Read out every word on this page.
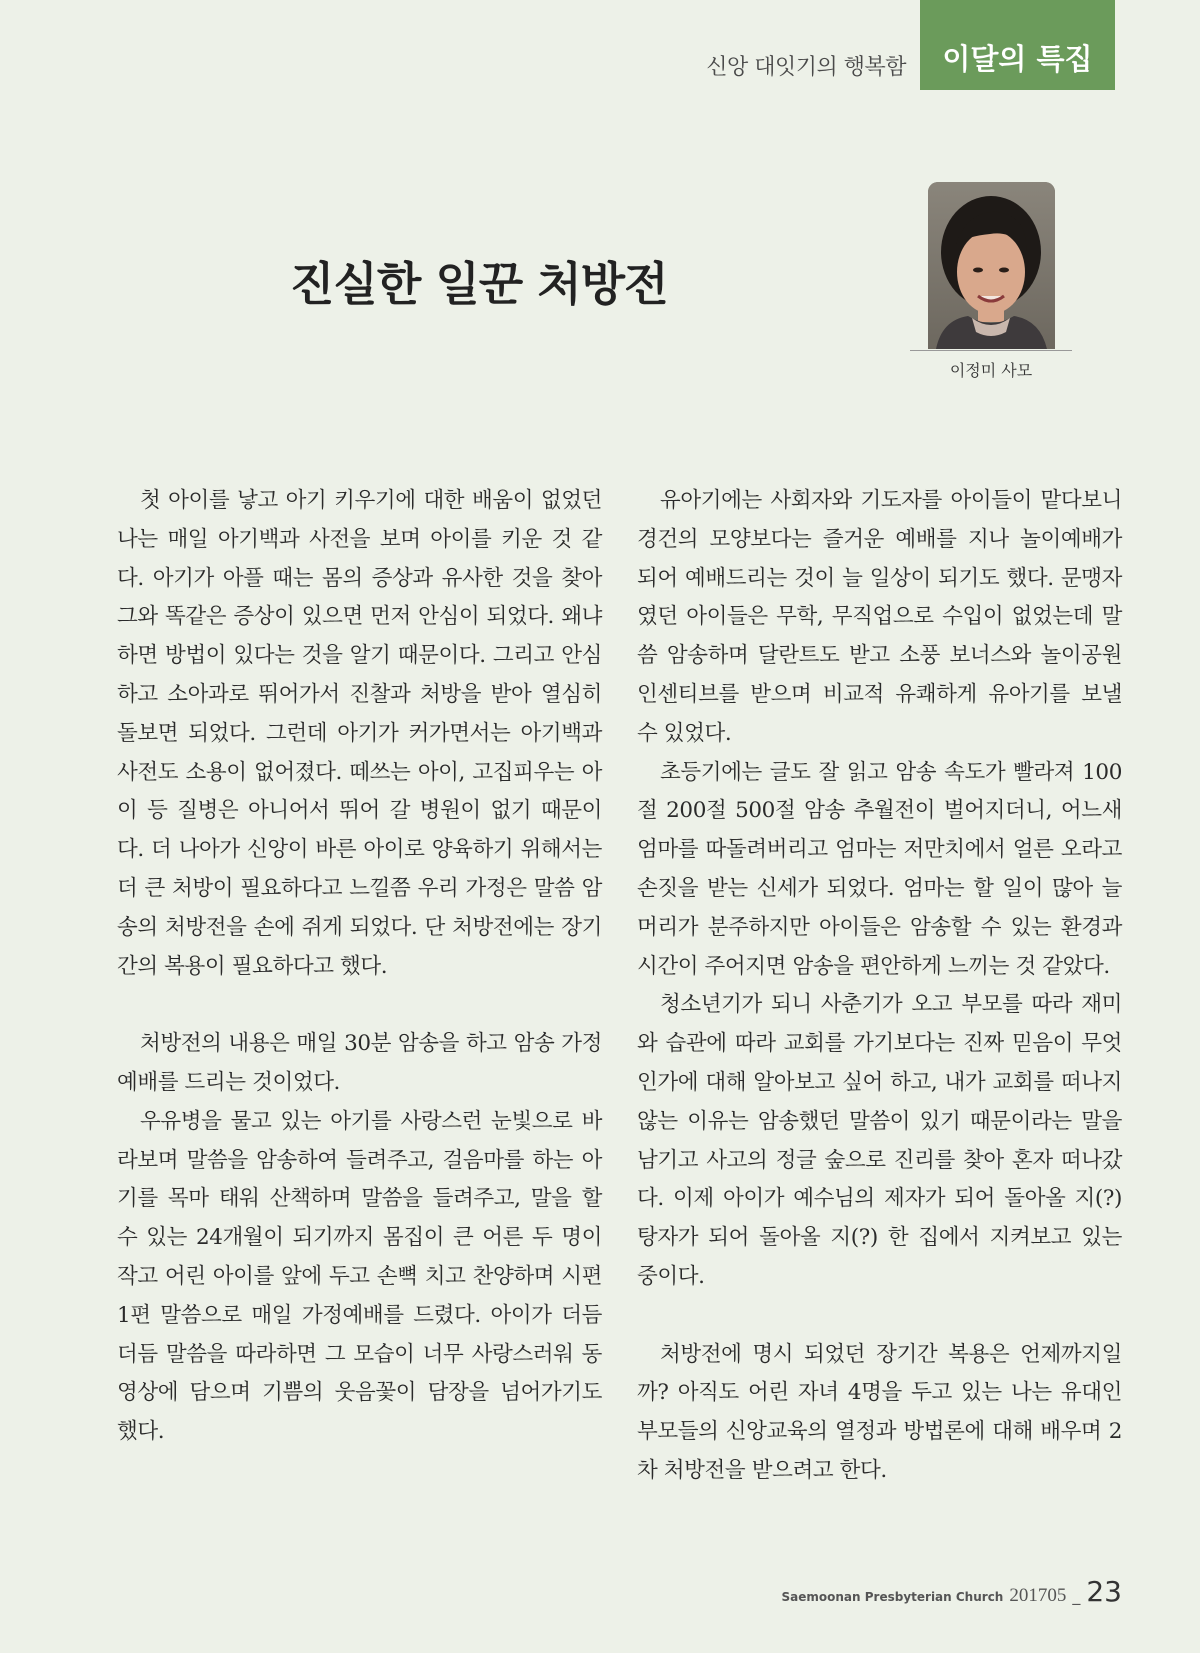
신앙 대잇기의 행복함	이달의 특집
진실한 일꾼 처방전
이정미 사모

첫 아이를 낳고 아기 키우기에 대한 배움이 없었던 나는 매일 아기백과 사전을 보며 아이를 키운 것 같다. 아기가 아플 때는 몸의 증상과 유사한 것을 찾아 그와 똑같은 증상이 있으면 먼저 안심이 되었다. 왜냐하면 방법이 있다는 것을 알기 때문이다. 그리고 안심하고 소아과로 뛰어가서 진찰과 처방을 받아 열심히 돌보면 되었다. 그런데 아기가 커가면서는 아기백과 사전도 소용이 없어졌다. 떼쓰는 아이, 고집피우는 아이 등 질병은 아니어서 뛰어 갈 병원이 없기 때문이다. 더 나아가 신앙이 바른 아이로 양육하기 위해서는 더 큰 처방이 필요하다고 느낄쯤 우리 가정은 말씀 암송의 처방전을 손에 쥐게 되었다. 단 처방전에는 장기간의 복용이 필요하다고 했다.

처방전의 내용은 매일 30분 암송을 하고 암송 가정예배를 드리는 것이었다.

우유병을 물고 있는 아기를 사랑스런 눈빛으로 바라보며 말씀을 암송하여 들려주고, 걸음마를 하는 아기를 목마 태워 산책하며 말씀을 들려주고, 말을 할 수 있는 24개월이 되기까지 몸집이 큰 어른 두 명이 작고 어린 아이를 앞에 두고 손뼉 치고 찬양하며 시편 1편 말씀으로 매일 가정예배를 드렸다. 아이가 더듬더듬 말씀을 따라하면 그 모습이 너무 사랑스러워 동영상에 담으며 기쁨의 웃음꽃이 담장을 넘어가기도 했다.

유아기에는 사회자와 기도자를 아이들이 맡다보니 경건의 모양보다는 즐거운 예배를 지나 놀이예배가 되어 예배드리는 것이 늘 일상이 되기도 했다. 문맹자였던 아이들은 무학, 무직업으로 수입이 없었는데 말씀 암송하며 달란트도 받고 소풍 보너스와 놀이공원 인센티브를 받으며 비교적 유쾌하게 유아기를 보낼 수 있었다.

초등기에는 글도 잘 읽고 암송 속도가 빨라져 100절 200절 500절 암송 추월전이 벌어지더니, 어느새 엄마를 따돌려버리고 엄마는 저만치에서 얼른 오라고 손짓을 받는 신세가 되었다. 엄마는 할 일이 많아 늘 머리가 분주하지만 아이들은 암송할 수 있는 환경과 시간이 주어지면 암송을 편안하게 느끼는 것 같았다.

청소년기가 되니 사춘기가 오고 부모를 따라 재미와 습관에 따라 교회를 가기보다는 진짜 믿음이 무엇인가에 대해 알아보고 싶어 하고, 내가 교회를 떠나지 않는 이유는 암송했던 말씀이 있기 때문이라는 말을 남기고 사고의 정글 숲으로 진리를 찾아 혼자 떠나갔다. 이제 아이가 예수님의 제자가 되어 돌아올 지(?) 탕자가 되어 돌아올 지(?) 한 집에서 지켜보고 있는 중이다.

처방전에 명시 되었던 장기간 복용은 언제까지일까? 아직도 어린 자녀 4명을 두고 있는 나는 유대인 부모들의 신앙교육의 열정과 방법론에 대해 배우며 2차 처방전을 받으려고 한다.

Saemoonan Presbyterian Church 201705 _ 23
